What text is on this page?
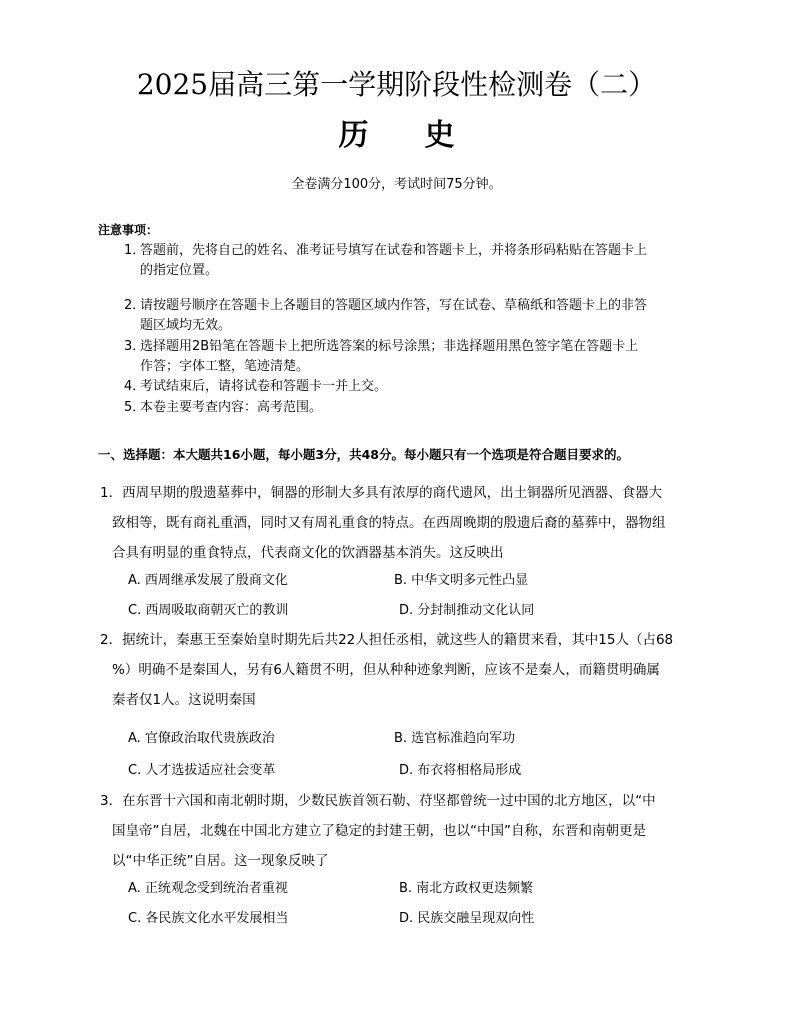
2025届高三第一学期阶段性检测卷（二）
历 史
全卷满分100分，考试时间75分钟。
注意事项：
1．答题前，先将自己的姓名、准考证号填写在试卷和答题卡上，并将条形码粘贴在答题卡上
的指定位置。
2．请按题号顺序在答题卡上各题目的答题区域内作答，写在试卷、草稿纸和答题卡上的非答
题区域均无效。
3．选择题用2B铅笔在答题卡上把所选答案的标号涂黑；非选择题用黑色签字笔在答题卡上
作答；字体工整，笔迹清楚。
4．考试结束后，请将试卷和答题卡一并上交。
5．本卷主要考查内容：高考范围。
一、选择题：本大题共16小题，每小题3分，共48分。每小题只有一个选项是符合题目要求的。
1．西周早期的殷遗墓葬中，铜器的形制大多具有浓厚的商代遗风，出土铜器所见酒器、食器大
致相等，既有商礼重酒，同时又有周礼重食的特点。在西周晚期的殷遗后裔的墓葬中，器物组
合具有明显的重食特点，代表商文化的饮酒器基本消失。这反映出
A. 西周继承发展了殷商文化	B. 中华文明多元性凸显
C. 西周吸取商朝灭亡的教训	D. 分封制推动文化认同
2．据统计，秦惠王至秦始皇时期先后共22人担任丞相，就这些人的籍贯来看，其中15人（占68
%）明确不是秦国人，另有6人籍贯不明，但从种种迹象判断，应该不是秦人，而籍贯明确属
秦者仅1人。这说明秦国
A. 官僚政治取代贵族政治	B. 选官标准趋向军功
C. 人才选拔适应社会变革	D. 布衣将相格局形成
3．在东晋十六国和南北朝时期，少数民族首领石勒、苻坚都曾统一过中国的北方地区，以“中
国皇帝”自居，北魏在中国北方建立了稳定的封建王朝，也以“中国”自称，东晋和南朝更是
以“中华正统”自居。这一现象反映了
A. 正统观念受到统治者重视	B. 南北方政权更迭频繁
C. 各民族文化水平发展相当	D. 民族交融呈现双向性
